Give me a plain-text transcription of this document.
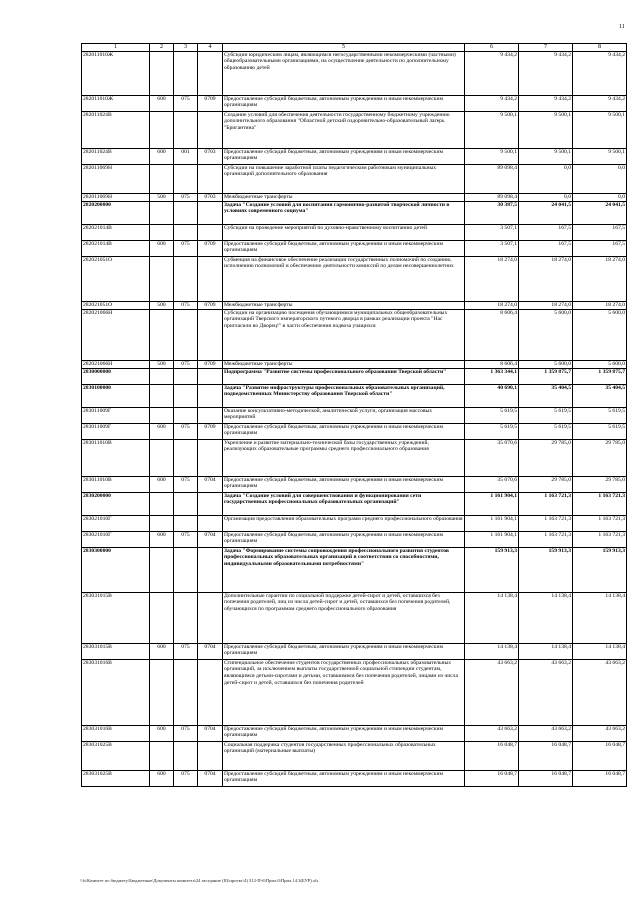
11
1	2	3	4	5	6	7	8
282011010Ж				Субсидии юридическим лицам, являющимся негосударственными некоммерческими (частными) общеобразовательными организациями, на осуществление деятельности по дополнительному образованию детей	9 434,2	9 434,2	9 434,2
282011010Ж	600	075	0709	Предоставление субсидий бюджетным, автономным учреждениям и иным некоммерческим организациям	9 434,2	9 434,2	9 434,2
282011024В				Создание условий для обеспечения деятельности государственному бюджетному учреждению дополнительного образования "Областной детский оздоровительно-образовательный лагерь "Бригантина"	9 500,1	9 500,1	9 500,1
282011024В	600	001	0703	Предоставление субсидий бюджетным, автономным учреждениям и иным некоммерческим организациям	9 500,1	9 500,1	9 500,1
282011069Н				Субсидии на повышение заработной платы педагогическим работникам муниципальных организаций дополнительного образования	89 098,4	0,0	0,0
282011069Н	500	075	0703	Межбюджетные трансферты	89 098,4	0,0	0,0
2820200000				Задача "Создание условий для воспитания гармонично-развитой творческой личности в условиях современного социума"	30 387,5	24 041,5	24 041,5
282021014В				Субсидии на проведение мероприятий по духовно-нравственному воспитанию детей	3 507,1	167,5	167,5
282021014В	600	075	0709	Предоставление субсидий бюджетным, автономным учреждениям и иным некоммерческим организациям	3 507,1	167,5	167,5
282021051О				Субвенция на финансовое обеспечение реализации государственных полномочий по созданию, исполнению полномочий и обеспечению деятельности комиссий по делам несовершеннолетних	18 274,0	18 274,0	18 274,0
282021051О	500	075	0709	Межбюджетные трансферты	18 274,0	18 274,0	18 274,0
282021066Н				Субсидии на организацию посещения обучающимися муниципальных общеобразовательных организаций Тверского императорского путевого дворца в рамках реализации проекта "Нас пригласили во Дворец!" в части обеспечения подвоза учащихся	8 606,4	5 600,0	5 600,0
282021066Н	500	075	0709	Межбюджетные трансферты	8 606,4	5 600,0	5 600,0
2830000000				Подпрограмма "Развитие системы профессионального образования Тверской области"	1 363 344,1	1 359 875,7	1 359 875,7
2830100000				Задача "Развитие инфраструктуры профессиональных образовательных организаций, подведомственных Министерству образования Тверской области"	40 690,1	35 404,5	35 404,5
283011009Г				Оказание консультативно-методической, аналитической услуги, организация массовых мероприятий	5 619,5	5 619,5	5 619,5
283011009Г	600	075	0709	Предоставление субсидий бюджетным, автономным учреждениям и иным некоммерческим организациям	5 619,5	5 619,5	5 619,5
283011010В				Укрепление и развитие материально-технической базы государственных учреждений, реализующих образовательные программы среднего профессионального образования	35 070,6	29 785,0	29 785,0
283011010В	600	075	0704	Предоставление субсидий бюджетным, автономным учреждениям и иным некоммерческим организациям	35 070,6	29 785,0	29 785,0
2830200000				Задача "Создание условий для совершенствования и функционирования сети государственных профессиональных образовательных организаций"	1 161 904,1	1 163 721,3	1 163 721,3
283021010Г				Организация предоставления образовательных программ среднего профессионального образования	1 161 904,1	1 163 721,3	1 163 721,3
283021010Г	600	075	0704	Предоставление субсидий бюджетным, автономным учреждениям и иным некоммерческим организациям	1 161 904,1	1 163 721,3	1 163 721,3
2830300000				Задача "Формирование системы сопровождения профессионального развития студентов профессиональных образовательных организаций в соответствии со способностями, индивидуальными образовательными потребностями"	159 913,3	159 913,3	159 913,3
283031015В				Дополнительные гарантии по социальной поддержке детей-сирот и детей, оставшихся без попечения родителей, лиц из числа детей-сирот и детей, оставшихся без попечения родителей, обучающихся по программам среднего профессионального образования	14 138,4	14 138,4	14 138,4
283031015В	600	075	0704	Предоставление субсидий бюджетным, автономным учреждениям и иным некоммерческим организациям	14 138,4	14 138,4	14 138,4
283031016В				Стипендиальное обеспечение студентов государственных профессиональных образовательных организаций, за исключением выплаты государственной социальной стипендии студентам, являющимся детьми-сиротами и детьми, оставшимися без попечения родителей, лицами из числа детей-сирот и детей, оставшихся без попечения родителей	43 663,2	43 663,2	43 663,2
283031016В	600	075	0704	Предоставление субсидий бюджетным, автономным учреждениям и иным некоммерческим организациям	43 663,2	43 663,2	43 663,2
283031025В				Социальная поддержка студентов государственных профессиональных образовательных организаций (материальные выплаты)	16 048,7	16 048,7	16 048,7
283031025В	600	075	0704	Предоставление субсидий бюджетным, автономным учреждениям и иным некоммерческим организациям	16 048,7	16 048,7	16 048,7
\\fs\Комитет по бюджету\Бюджетные\Документы комитета\24 заседание (II)\проект\4) 312-П-6\Прил.6\Прил.14.3(БУР).xls
